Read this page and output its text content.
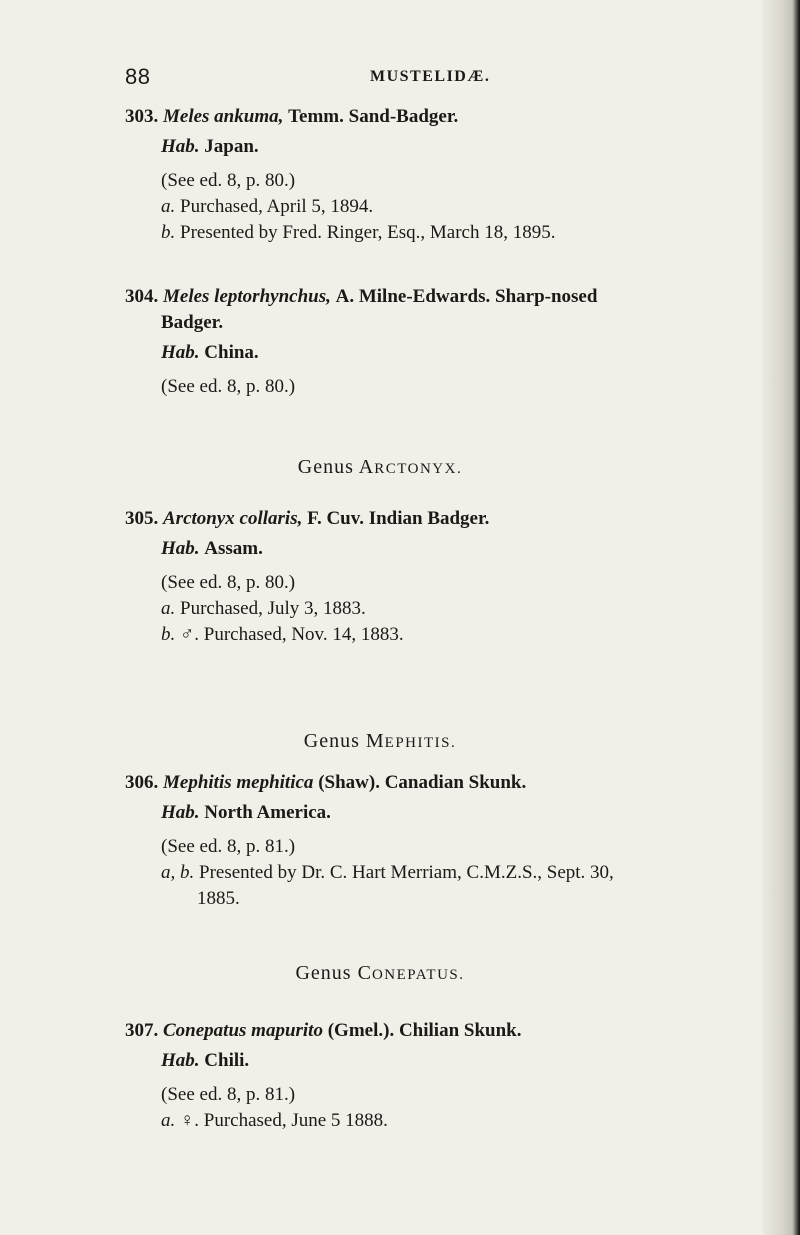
88	MUSTELIDÆ.
303. Meles ankuma, Temm. Sand-Badger.
Hab. Japan.
(See ed. 8, p. 80.)
a. Purchased, April 5, 1894.
b. Presented by Fred. Ringer, Esq., March 18, 1895.
304. Meles leptorhynchus, A. Milne-Edwards. Sharp-nosed
Badger.
Hab. China.
(See ed. 8, p. 80.)
Genus ARCTONYX.
305. Arctonyx collaris, F. Cuv. Indian Badger.
Hab. Assam.
(See ed. 8, p. 80.)
a. Purchased, July 3, 1883.
b. ♂. Purchased, Nov. 14, 1883.
Genus MEPHITIS.
306. Mephitis mephitica (Shaw). Canadian Skunk.
Hab. North America.
(See ed. 8, p. 81.)
a, b. Presented by Dr. C. Hart Merriam, C.M.Z.S., Sept. 30,
1885.
Genus CONEPATUS.
307. Conepatus mapurito (Gmel.). Chilian Skunk.
Hab. Chili.
(See ed. 8, p. 81.)
a. ♀. Purchased, June 5 1888.
